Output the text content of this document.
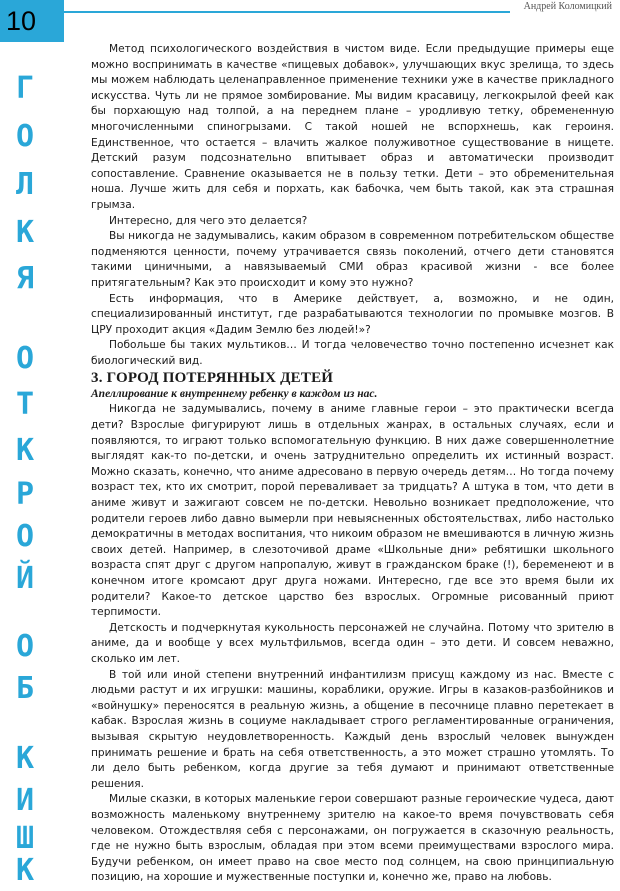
10	Андрей Коломицкий
Г
О
Л
К
Я
О
Т
К
Р
О
Й
О
Б
К
И
Ш
К

Метод психологического воздействия в чистом виде. Если предыдущие примеры еще можно воспринимать в качестве «пищевых добавок», улучшающих вкус зрелища, то здесь мы можем наблюдать целенаправленное применение техники уже в качестве прикладного искусства. Чуть ли не прямое зомбирование. Мы видим красавицу, легкокрылой феей как бы порхающую над толпой, а на переднем плане – уродливую тетку, обремененную многочисленными спиногрызами. С такой ношей не вспорхнешь, как героиня. Единственное, что остается – влачить жалкое полуживотное существование в нищете. Детский разум подсознательно впитывает образ и автоматически производит сопоставление. Сравнение оказывается не в пользу тетки. Дети – это обременительная ноша. Лучше жить для себя и порхать, как бабочка, чем быть такой, как эта страшная грымза.

Интересно, для чего это делается?

Вы никогда не задумывались, каким образом в современном потребительском обществе подменяются ценности, почему утрачивается связь поколений, отчего дети становятся такими циничными, а навязываемый СМИ образ красивой жизни - все более притягательным? Как это происходит и кому это нужно?

Есть информация, что в Америке действует, а, возможно, и не один, специализированный институт, где разрабатываются технологии по промывке мозгов. В ЦРУ проходит акция «Дадим Землю без людей!»?

Побольше бы таких мультиков… И тогда человечество точно постепенно исчезнет как биологический вид.

3. ГОРОД ПОТЕРЯННЫХ ДЕТЕЙ

Апеллирование к внутреннему ребенку в каждом из нас.

Никогда не задумывались, почему в аниме главные герои – это практически всегда дети? Взрослые фигурируют лишь в отдельных жанрах, в остальных случаях, если и появляются, то играют только вспомогательную функцию. В них даже совершеннолетние выглядят как-то по-детски, и очень затруднительно определить их истинный возраст. Можно сказать, конечно, что аниме адресовано в первую очередь детям… Но тогда почему возраст тех, кто их смотрит, порой переваливает за тридцать? А штука в том, что дети в аниме живут и зажигают совсем не по-детски. Невольно возникает предположение, что родители героев либо давно вымерли при невыясненных обстоятельствах, либо настолько демократичны в методах воспитания, что никоим образом не вмешиваются в личную жизнь своих детей. Например, в слезоточивой драме «Школьные дни» ребятишки школьного возраста спят друг с другом напропалую, живут в гражданском браке (!), беременеют и в конечном итоге кромсают друг друга ножами. Интересно, где все это время были их родители? Какое-то детское царство без взрослых. Огромные рисованный приют терпимости.

Детскость и подчеркнутая кукольность персонажей не случайна. Потому что зрителю в аниме, да и вообще у всех мультфильмов, всегда один – это дети. И совсем неважно, сколько им лет.

В той или иной степени внутренний инфантилизм присущ каждому из нас. Вместе с людьми растут и их игрушки: машины, кораблики, оружие. Игры в казаков-разбойников и «войнушку» переносятся в реальную жизнь, а общение в песочнице плавно перетекает в кабак. Взрослая жизнь в социуме накладывает строго регламентированные ограничения, вызывая скрытую неудовлетворенность. Каждый день взрослый человек вынужден принимать решение и брать на себя ответственность, а это может страшно утомлять. То ли дело быть ребенком, когда другие за тебя думают и принимают ответственные решения.

Милые сказки, в которых маленькие герои совершают разные героические чудеса, дают возможность маленькому внутреннему зрителю на какое-то время почувствовать себя человеком. Отождествляя себя с персонажами, он погружается в сказочную реальность, где не нужно быть взрослым, обладая при этом всеми преимуществами взрослого мира. Будучи ребенком, он имеет право на свое место под солнцем, на свою принципиальную позицию, на хорошие и мужественные поступки и, конечно же, право на любовь.
